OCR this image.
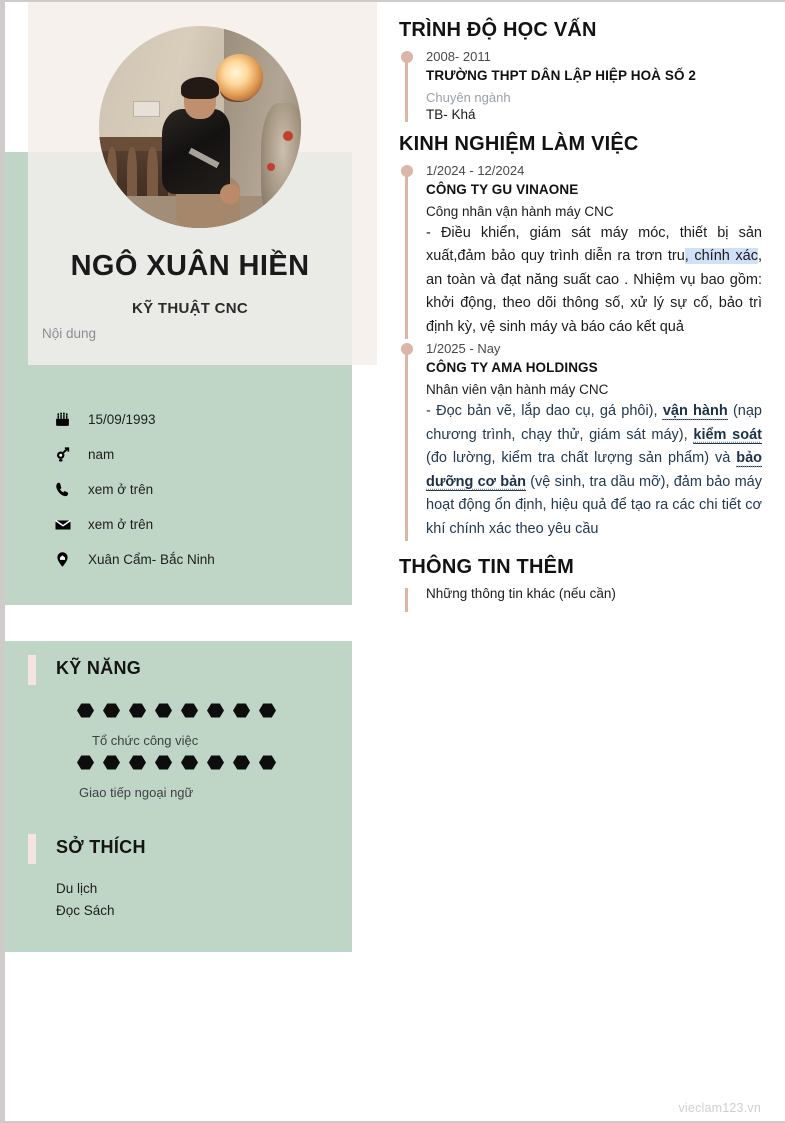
NGÔ XUÂN HIỀN
KỸ THUẬT CNC
Nội dung
15/09/1993
nam
xem ở trên
xem ở trên
Xuân Cẩm- Bắc Ninh
KỸ NĂNG
Tổ chức công việc
Giao tiếp ngoại ngữ
SỞ THÍCH
Du lịch
Đọc Sách
TRÌNH ĐỘ HỌC VẤN
2008- 2011
TRƯỜNG THPT DÂN LẬP HIỆP HOÀ SỐ 2
Chuyên ngành
TB- Khá
KINH NGHIỆM LÀM VIỆC
1/2024 - 12/2024
CÔNG TY GU VINAONE
Công nhân vận hành máy CNC
- Điều khiển, giám sát máy móc, thiết bị sản xuất,đảm bảo quy trình diễn ra trơn tru, chính xác, an toàn và đạt năng suất cao . Nhiệm vụ bao gồm: khởi động, theo dõi thông số, xử lý sự cố, bảo trì định kỳ, vệ sinh máy và báo cáo kết quả
1/2025 - Nay
CÔNG TY AMA HOLDINGS
Nhân viên vận hành máy CNC
- Đọc bản vẽ, lắp dao cụ, gá phôi), vận hành (nạp chương trình, chạy thử, giám sát máy), kiểm soát (đo lường, kiểm tra chất lượng sản phẩm) và bảo dưỡng cơ bản (vệ sinh, tra dầu mỡ), đảm bảo máy hoạt động ổn định, hiệu quả để tạo ra các chi tiết cơ khí chính xác theo yêu cầu
THÔNG TIN THÊM
Những thông tin khác (nếu cần)
vieclam123.vn
